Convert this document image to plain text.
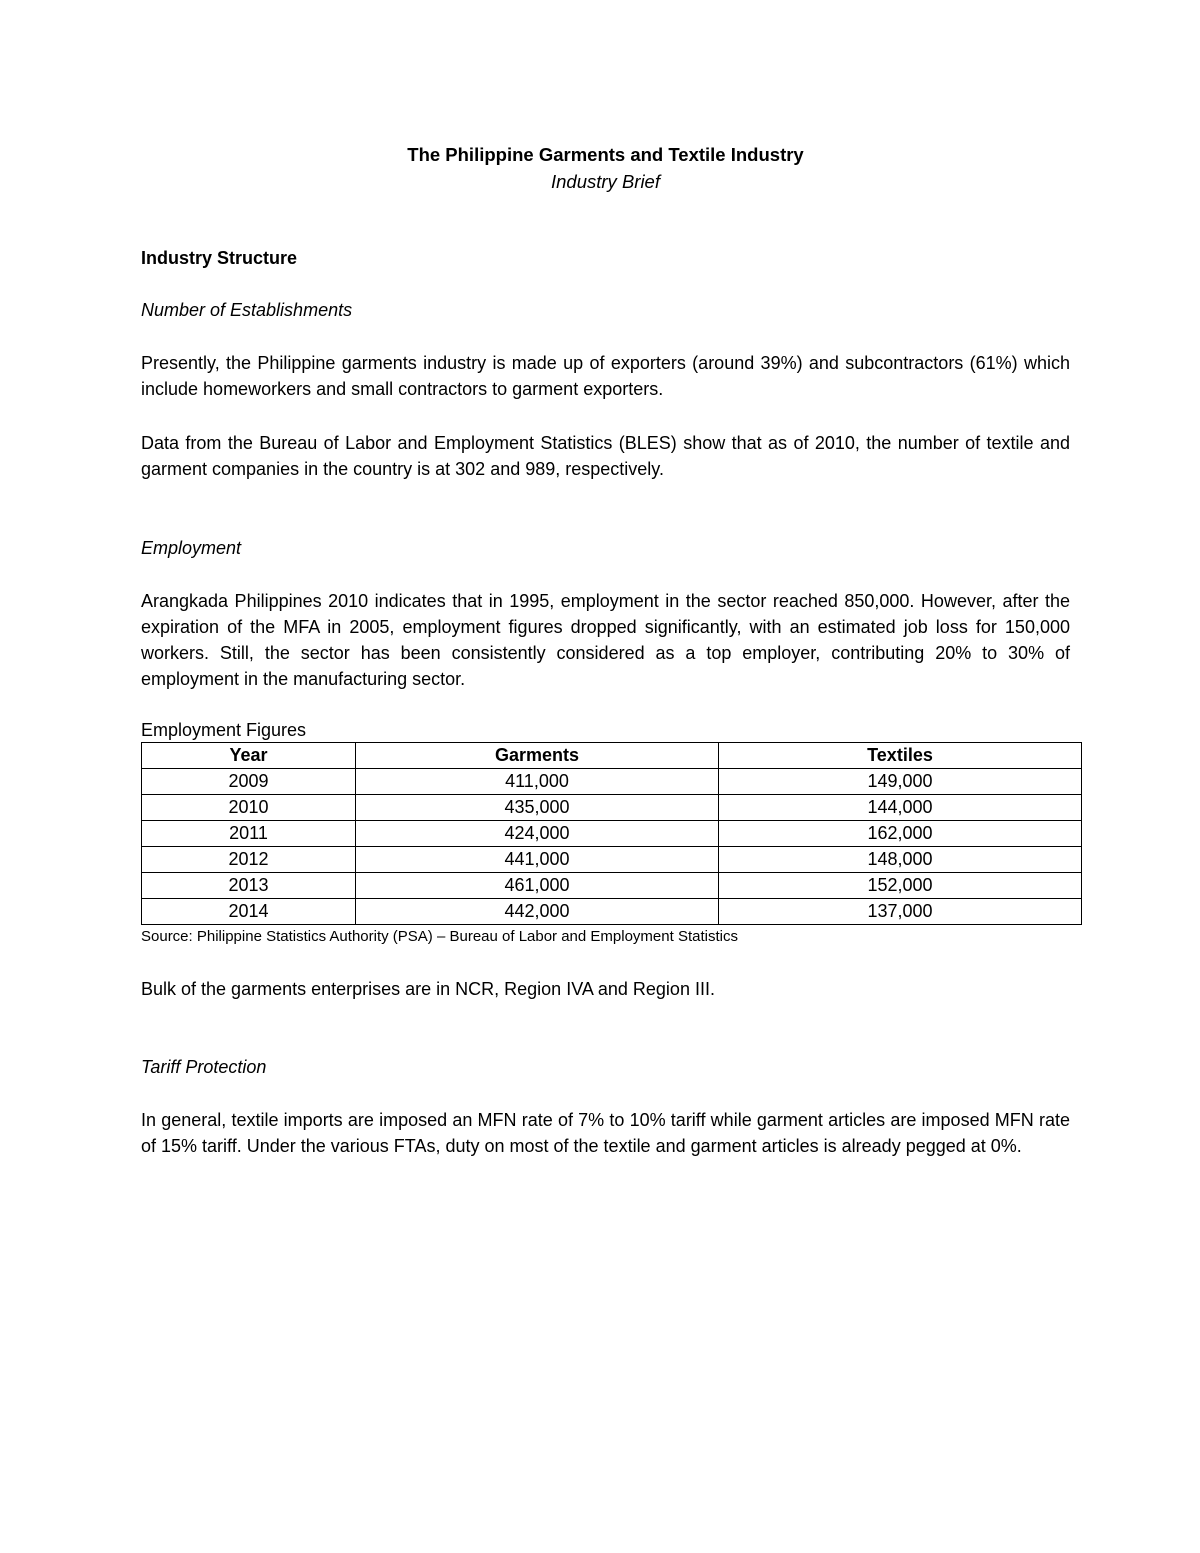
The Philippine Garments and Textile Industry

Industry Brief

Industry Structure

Number of Establishments

Presently, the Philippine garments industry is made up of exporters (around 39%) and subcontractors (61%) which include homeworkers and small contractors to garment exporters.

Data from the Bureau of Labor and Employment Statistics (BLES) show that as of 2010, the number of textile and garment companies in the country is at 302 and 989, respectively.

Employment

Arangkada Philippines 2010 indicates that in 1995, employment in the sector reached 850,000. However, after the expiration of the MFA in 2005, employment figures dropped significantly, with an estimated job loss for 150,000 workers. Still, the sector has been consistently considered as a top employer, contributing 20% to 30% of employment in the manufacturing sector.

Employment Figures

Year	Garments	Textiles
2009	411,000	149,000
2010	435,000	144,000
2011	424,000	162,000
2012	441,000	148,000
2013	461,000	152,000
2014	442,000	137,000

Source: Philippine Statistics Authority (PSA) – Bureau of Labor and Employment Statistics

Bulk of the garments enterprises are in NCR, Region IVA and Region III.

Tariff Protection

In general, textile imports are imposed an MFN rate of 7% to 10% tariff while garment articles are imposed MFN rate of 15% tariff. Under the various FTAs, duty on most of the textile and garment articles is already pegged at 0%.
